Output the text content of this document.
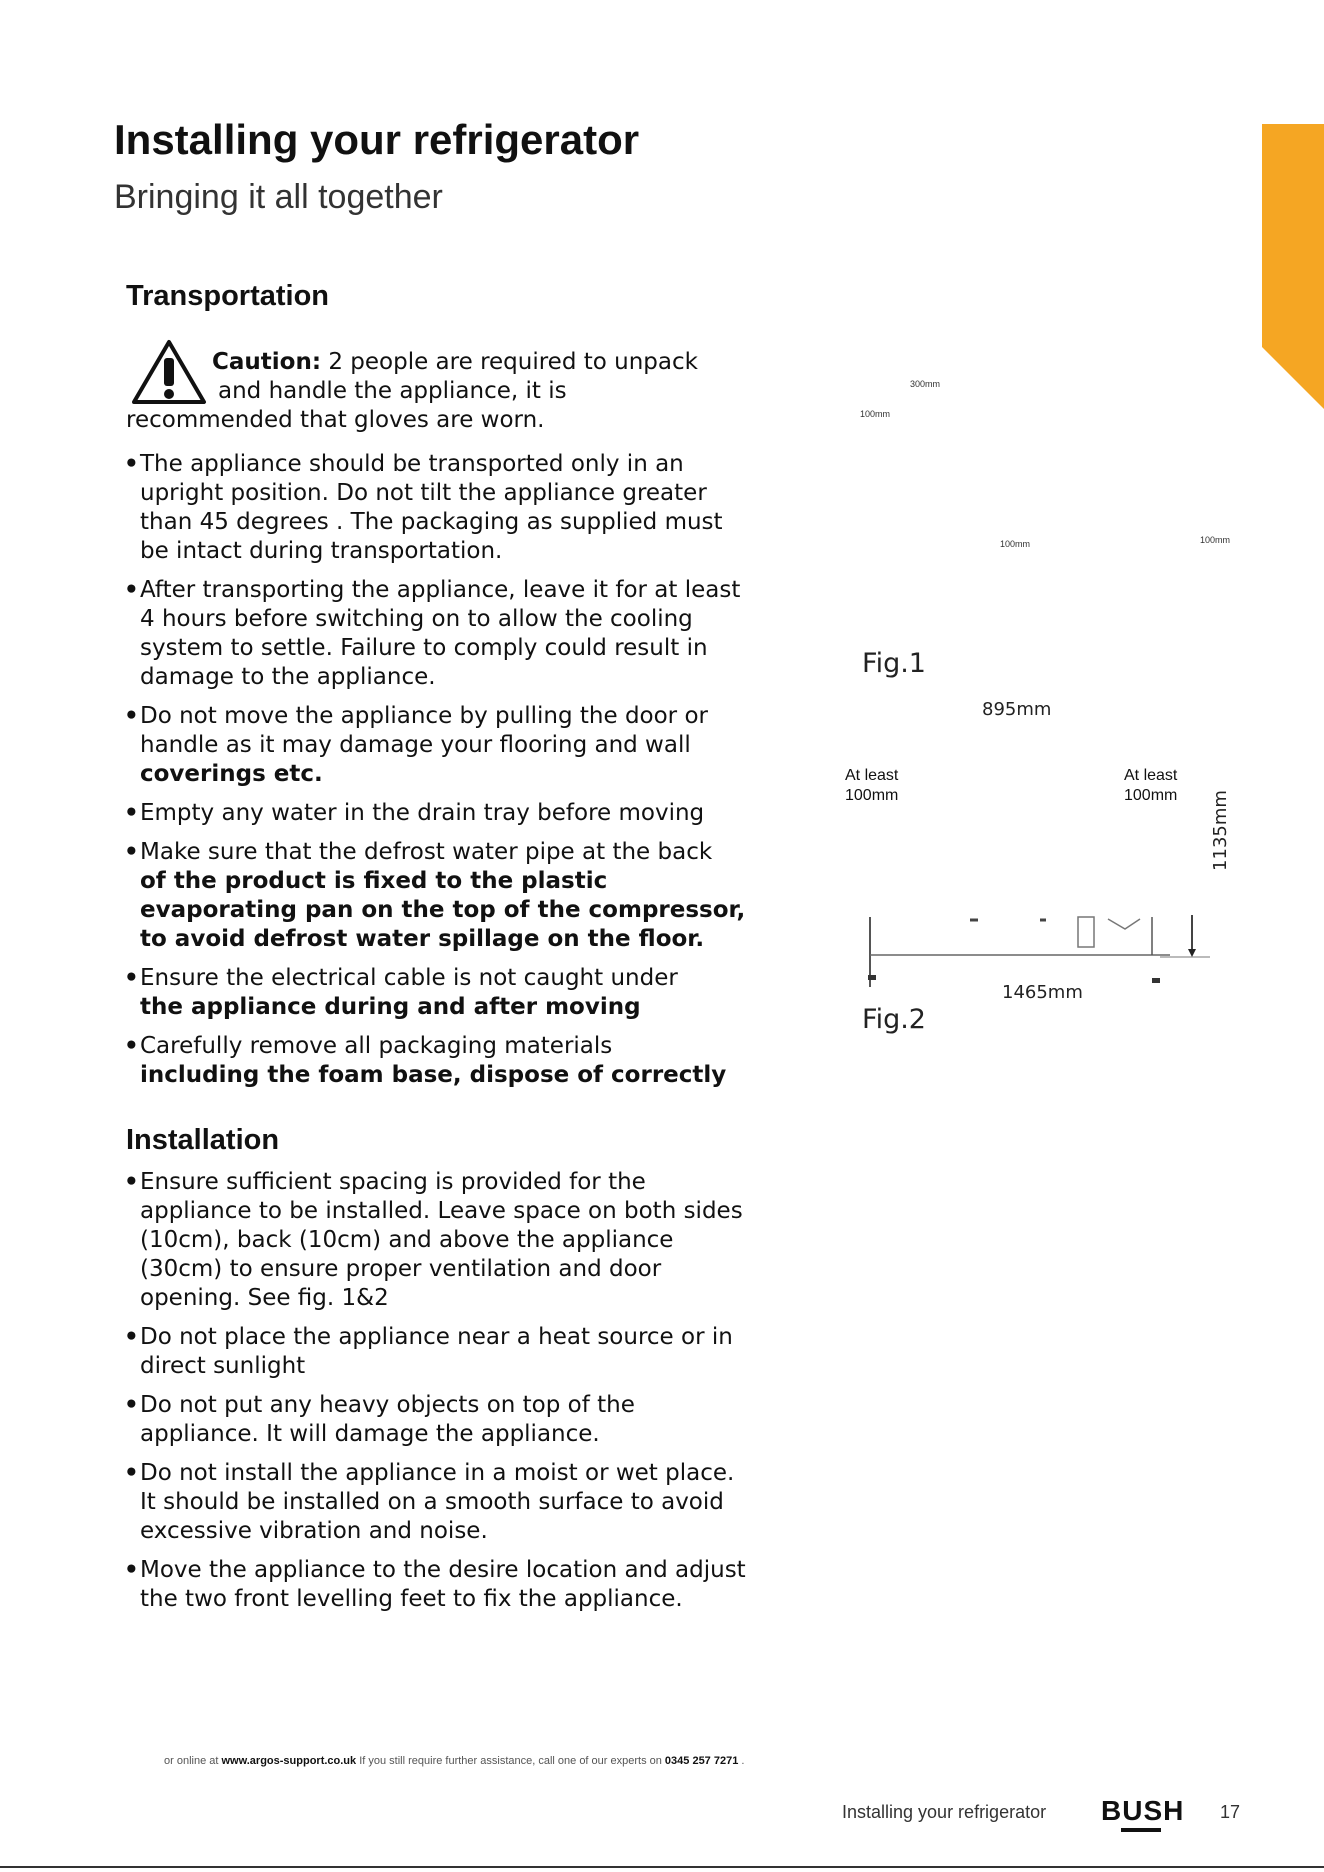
Installing your refrigerator
Bringing it all together
Transportation
Caution: 2 people are required to unpack
and handle the appliance, it is
recommended that gloves are worn.
• The appliance should be transported only in an upright position. Do not tilt the appliance greater than 45 degrees . The packaging as supplied must be intact during transportation.
• After transporting the appliance, leave it for at least 4 hours before switching on to allow the cooling system to settle. Failure to comply could result in damage to the appliance.
• Do not move the appliance by pulling the door or handle as it may damage your flooring and wall
coverings etc.
• Empty any water in the drain tray before moving
• Make sure that the defrost water pipe at the back
of the product is fixed to the plastic evaporating pan on the top of the compressor, to avoid defrost water spillage on the floor.
• Ensure the electrical cable is not caught under
the appliance during and after moving
• Carefully remove all packaging materials
including the foam base, dispose of correctly
Installation
• Ensure sufficient spacing is provided for the appliance to be installed. Leave space on both sides (10cm), back (10cm) and above the appliance (30cm) to ensure proper ventilation and door opening. See fig. 1&2
• Do not place the appliance near a heat source or in direct sunlight
• Do not put any heavy objects on top of the appliance. It will damage the appliance.
• Do not install the appliance in a moist or wet place. It should be installed on a smooth surface to avoid excessive vibration and noise.
• Move the appliance to the desire location and adjust the two front levelling feet to fix the appliance.
300mm
100mm
100mm	100mm
Fig.1
895mm
At least
100mm
At least
100mm 1135mm
1465mm
Fig.2
or online at www.argos-support.co.uk If you still require further assistance, call one of our experts on 0345 257 7271 .
Installing your refrigerator BUSH 17
